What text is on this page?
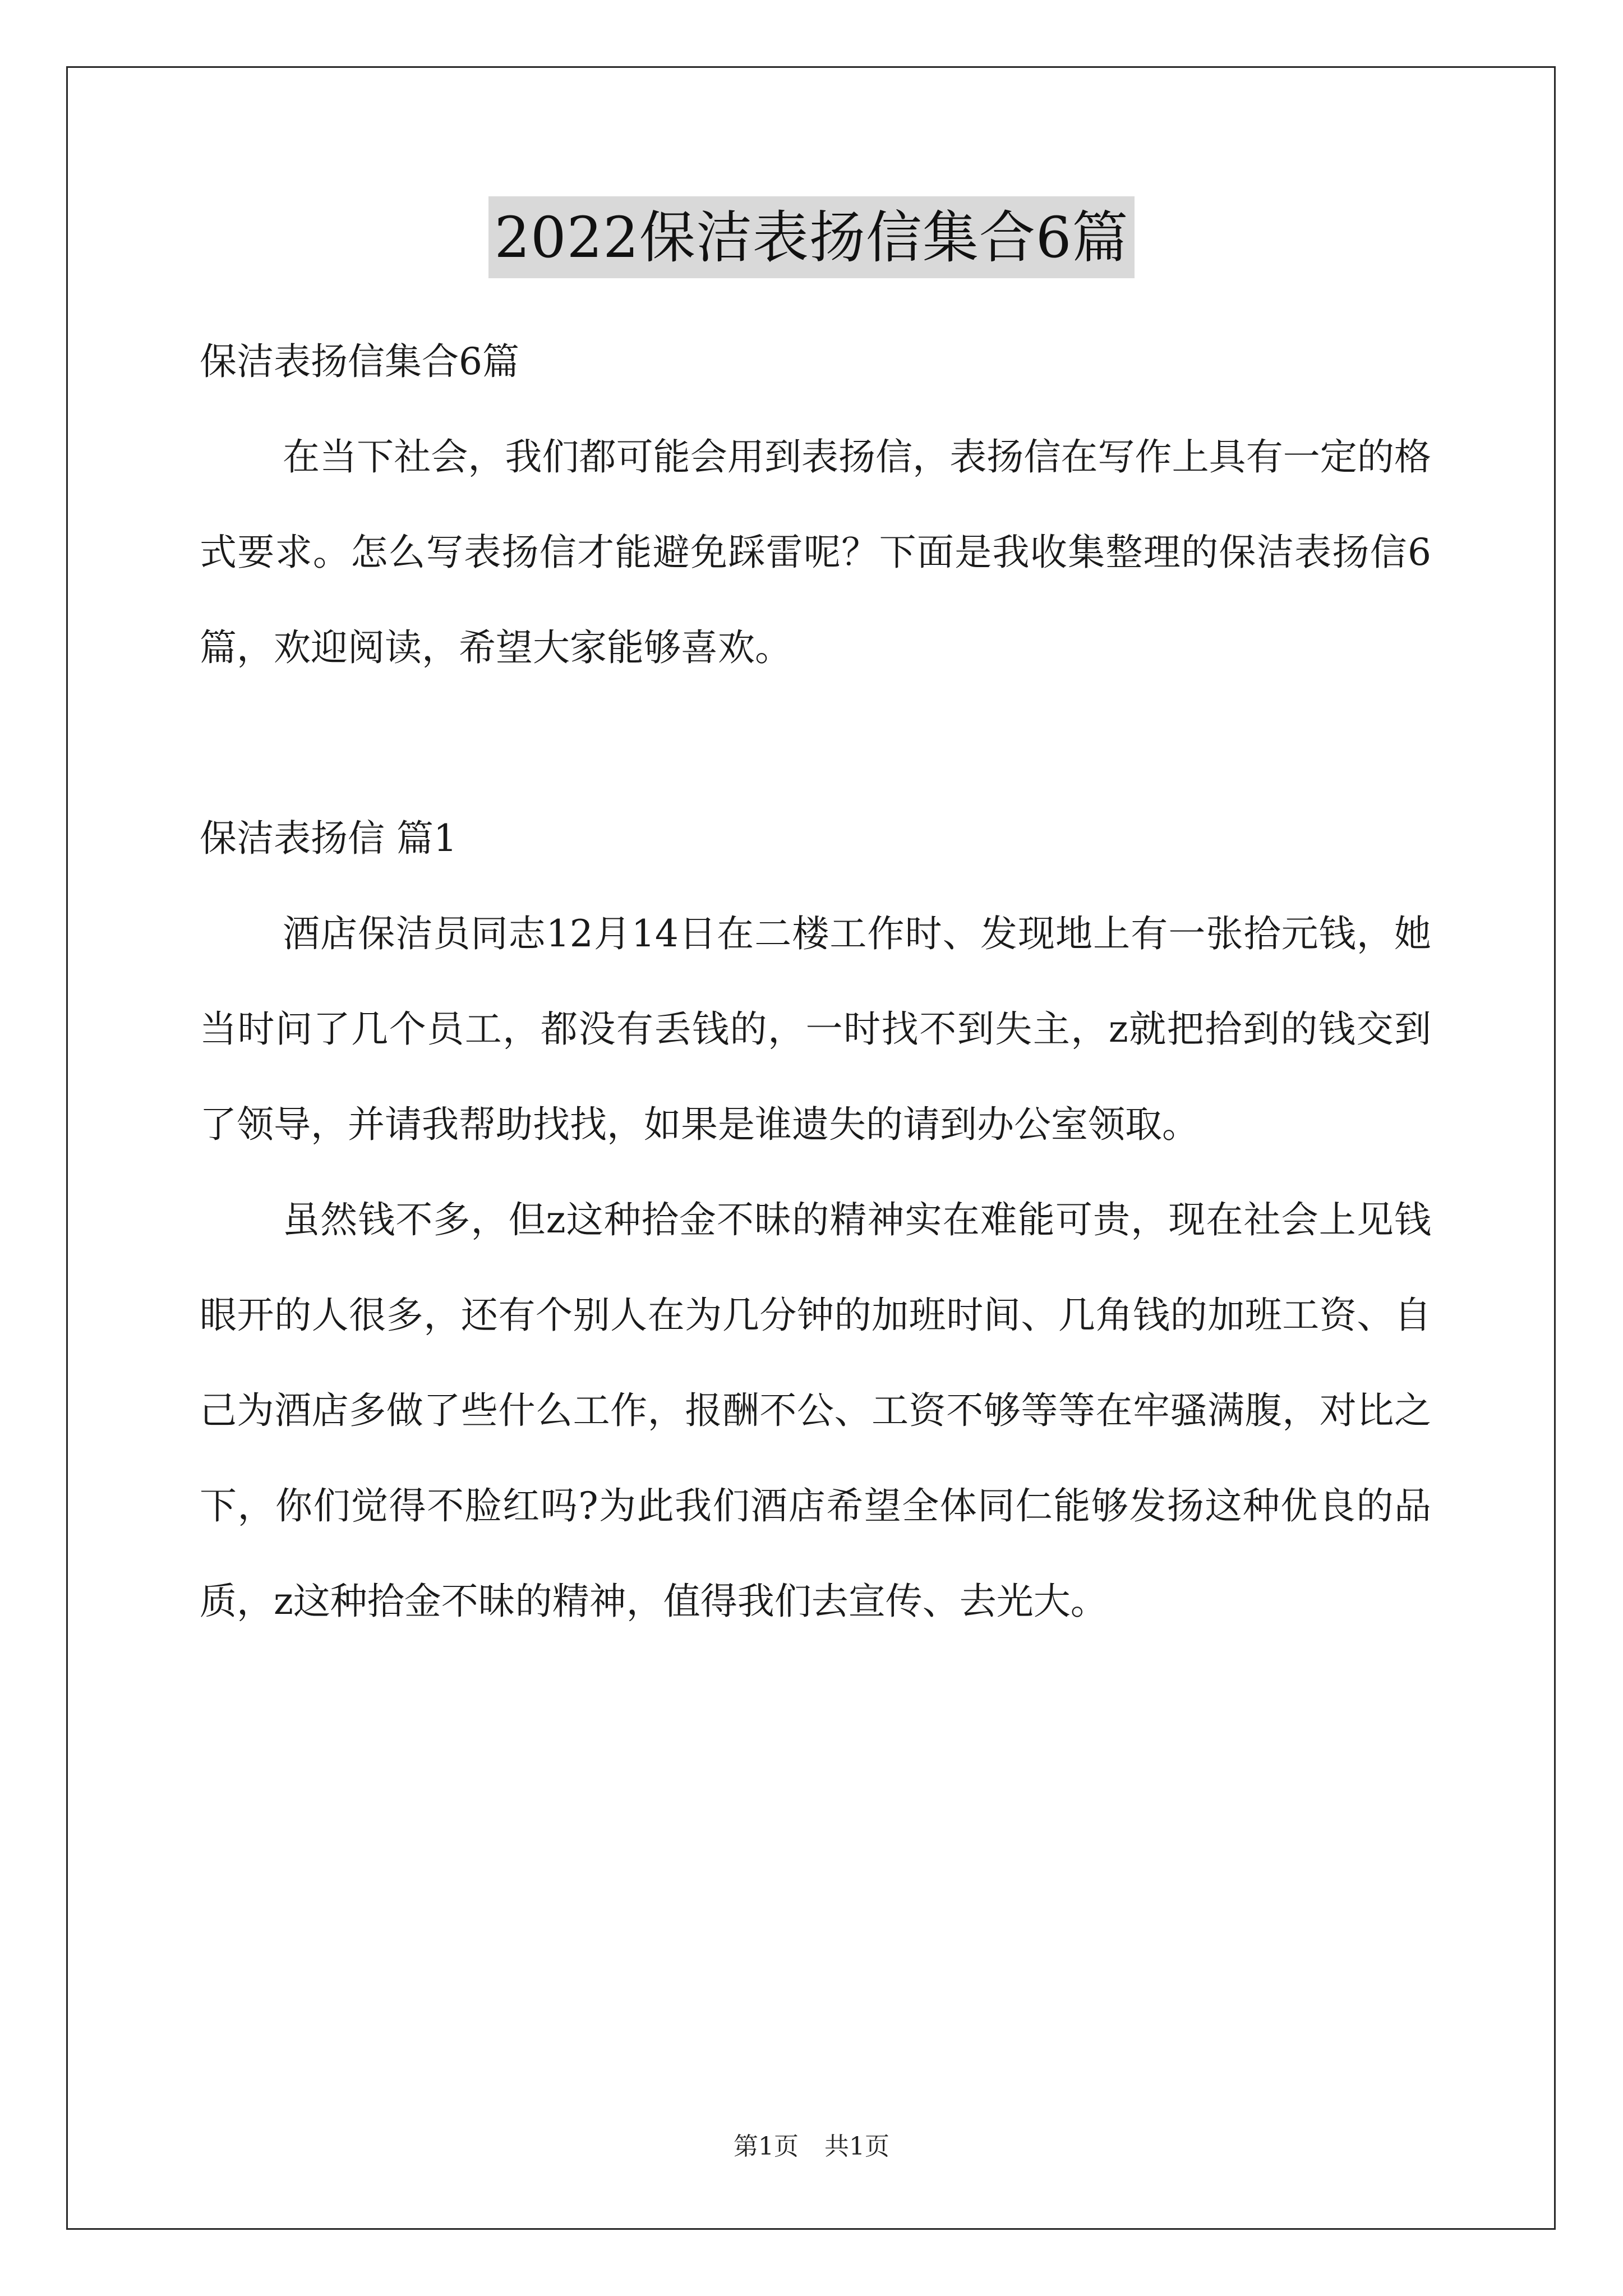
2022保洁表扬信集合6篇

保洁表扬信集合6篇

在当下社会，我们都可能会用到表扬信，表扬信在写作上具有一定的格式要求。怎么写表扬信才能避免踩雷呢？下面是我收集整理的保洁表扬信6篇，欢迎阅读，希望大家能够喜欢。

保洁表扬信 篇1

酒店保洁员同志12月14日在二楼工作时、发现地上有一张拾元钱，她当时问了几个员工，都没有丢钱的，一时找不到失主，z就把拾到的钱交到了领导，并请我帮助找找，如果是谁遗失的请到办公室领取。

虽然钱不多，但z这种拾金不昧的精神实在难能可贵，现在社会上见钱眼开的人很多，还有个别人在为几分钟的加班时间、几角钱的加班工资、自己为酒店多做了些什么工作，报酬不公、工资不够等等在牢骚满腹，对比之下，你们觉得不脸红吗?为此我们酒店希望全体同仁能够发扬这种优良的品质，z这种拾金不昧的精神，值得我们去宣传、去光大。

第1页 共1页
